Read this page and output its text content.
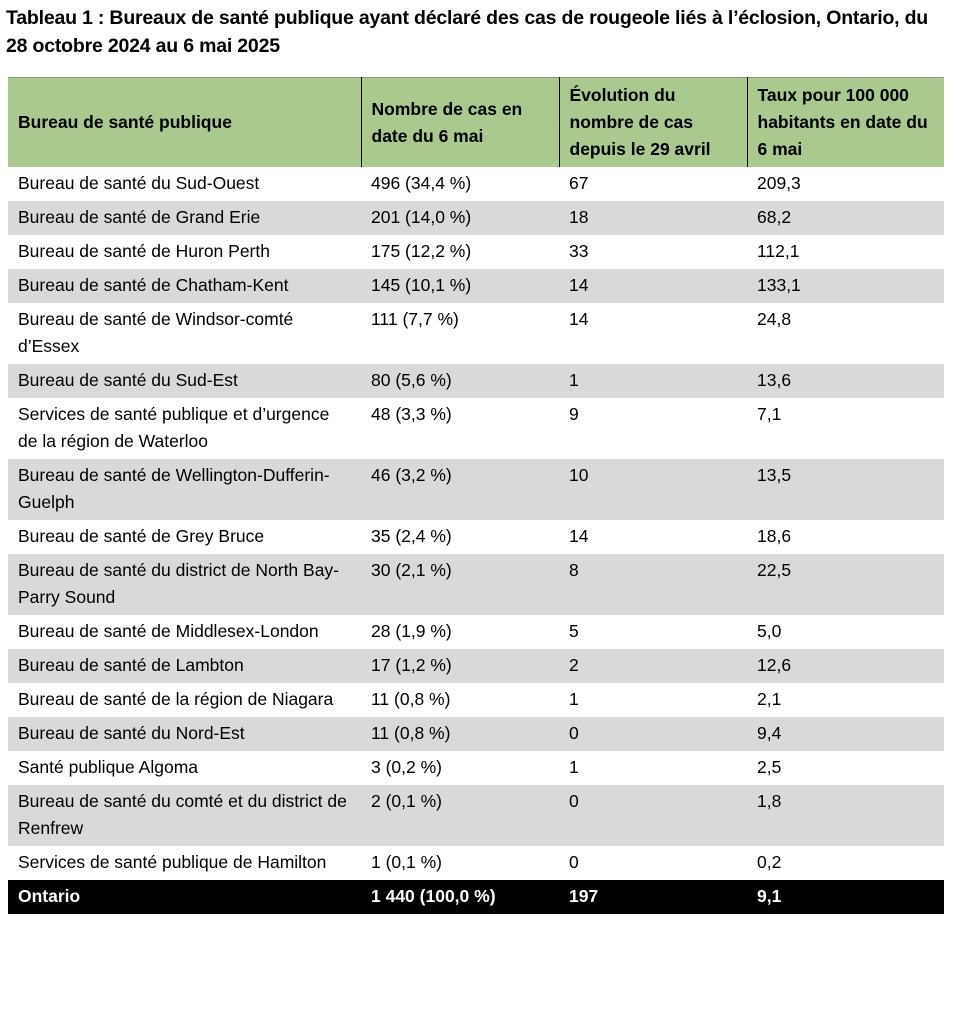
Tableau 1 : Bureaux de santé publique ayant déclaré des cas de rougeole liés à l’éclosion, Ontario, du 28 octobre 2024 au 6 mai 2025
Bureau de santé publique	Nombre de cas en date du 6 mai	Évolution du nombre de cas depuis le 29 avril	Taux pour 100 000 habitants en date du 6 mai
Bureau de santé du Sud-Ouest	496 (34,4 %)	67	209,3
Bureau de santé de Grand Erie	201 (14,0 %)	18	68,2
Bureau de santé de Huron Perth	175 (12,2 %)	33	112,1
Bureau de santé de Chatham-Kent	145 (10,1 %)	14	133,1
Bureau de santé de Windsor-comté d’Essex	111 (7,7 %)	14	24,8
Bureau de santé du Sud-Est	80 (5,6 %)	1	13,6
Services de santé publique et d’urgence de la région de Waterloo	48 (3,3 %)	9	7,1
Bureau de santé de Wellington-Dufferin-Guelph	46 (3,2 %)	10	13,5
Bureau de santé de Grey Bruce	35 (2,4 %)	14	18,6
Bureau de santé du district de North Bay-Parry Sound	30 (2,1 %)	8	22,5
Bureau de santé de Middlesex-London	28 (1,9 %)	5	5,0
Bureau de santé de Lambton	17 (1,2 %)	2	12,6
Bureau de santé de la région de Niagara	11 (0,8 %)	1	2,1
Bureau de santé du Nord-Est	11 (0,8 %)	0	9,4
Santé publique Algoma	3 (0,2 %)	1	2,5
Bureau de santé du comté et du district de Renfrew	2 (0,1 %)	0	1,8
Services de santé publique de Hamilton	1 (0,1 %)	0	0,2
Ontario	1 440 (100,0 %)	197	9,1
